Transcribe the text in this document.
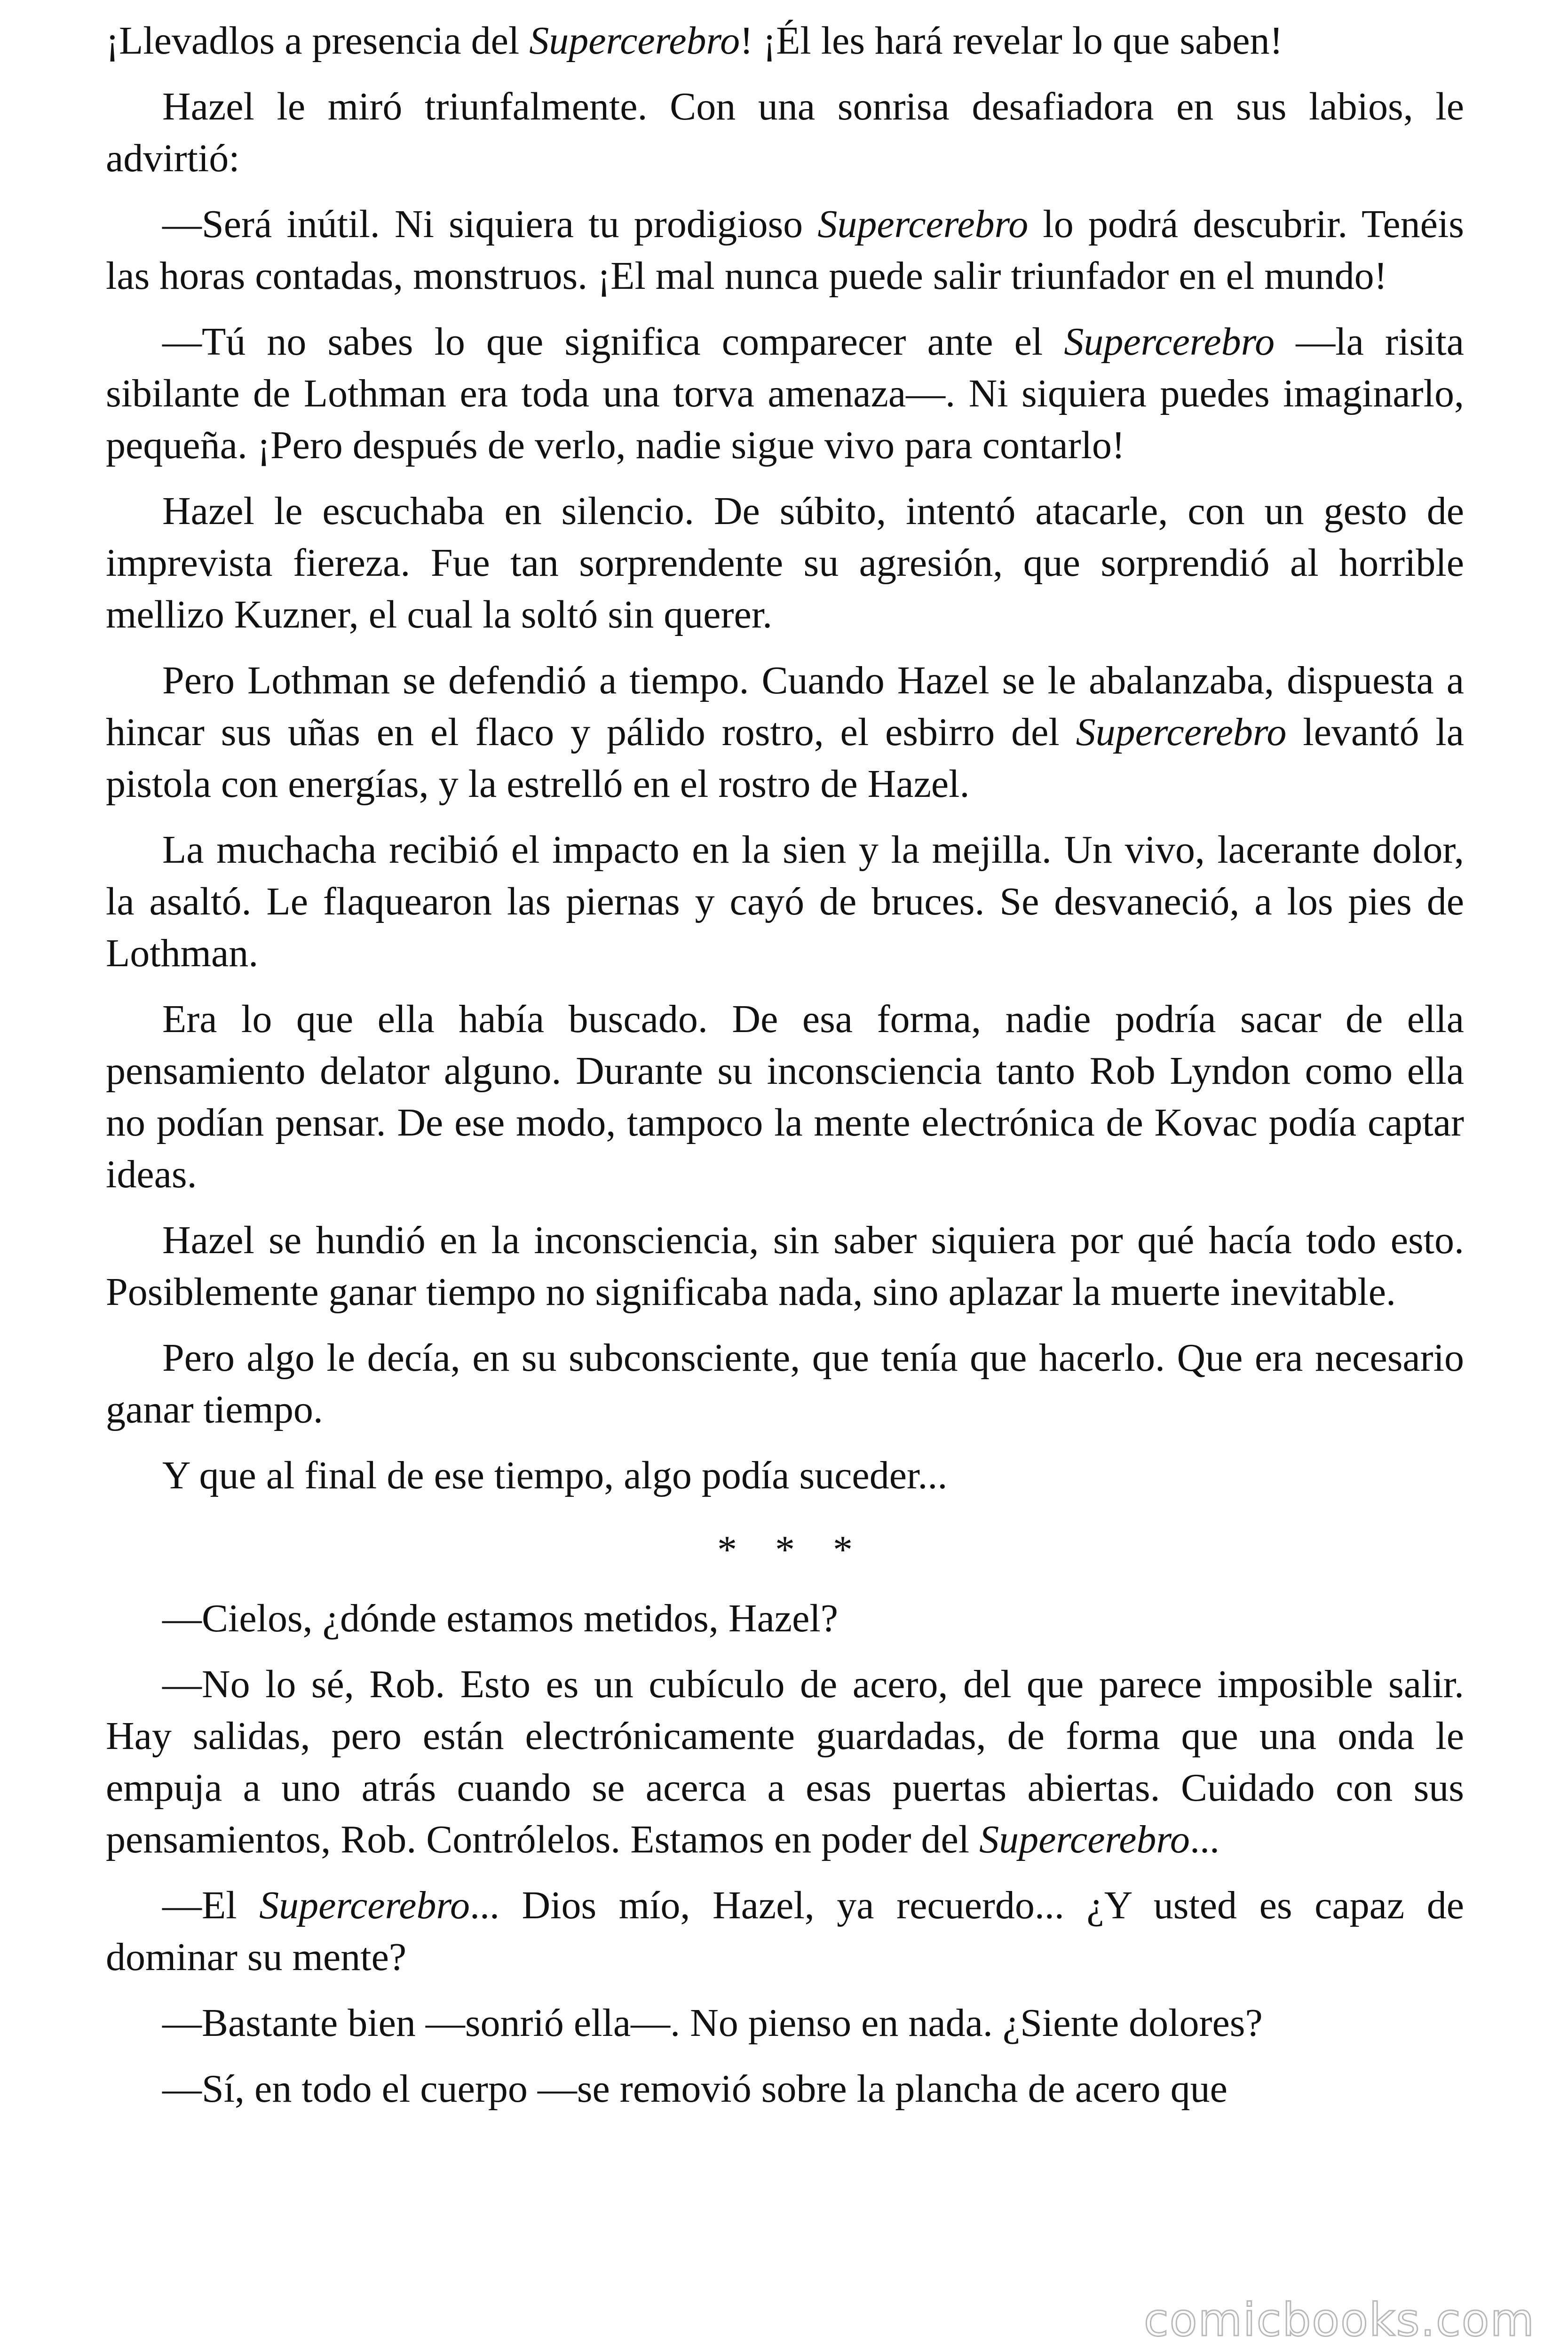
¡Llevadlos a presencia del Supercerebro! ¡Él les hará revelar lo que saben!

Hazel le miró triunfalmente. Con una sonrisa desafiadora en sus labios, le advirtió:

—Será inútil. Ni siquiera tu prodigioso Supercerebro lo podrá descubrir. Tenéis las horas contadas, monstruos. ¡El mal nunca puede salir triunfador en el mundo!

—Tú no sabes lo que significa comparecer ante el Supercerebro —la risita sibilante de Lothman era toda una torva amenaza—. Ni siquiera puedes imaginarlo, pequeña. ¡Pero después de verlo, nadie sigue vivo para contarlo!

Hazel le escuchaba en silencio. De súbito, intentó atacarle, con un gesto de imprevista fiereza. Fue tan sorprendente su agresión, que sorprendió al horrible mellizo Kuzner, el cual la soltó sin querer.

Pero Lothman se defendió a tiempo. Cuando Hazel se le abalanzaba, dispuesta a hincar sus uñas en el flaco y pálido rostro, el esbirro del Supercerebro levantó la pistola con energías, y la estrelló en el rostro de Hazel.

La muchacha recibió el impacto en la sien y la mejilla. Un vivo, lacerante dolor, la asaltó. Le flaquearon las piernas y cayó de bruces. Se desvaneció, a los pies de Lothman.

Era lo que ella había buscado. De esa forma, nadie podría sacar de ella pensamiento delator alguno. Durante su inconsciencia tanto Rob Lyndon como ella no podían pensar. De ese modo, tampoco la mente electrónica de Kovac podía captar ideas.

Hazel se hundió en la inconsciencia, sin saber siquiera por qué hacía todo esto. Posiblemente ganar tiempo no significaba nada, sino aplazar la muerte inevitable.

Pero algo le decía, en su subconsciente, que tenía que hacerlo. Que era necesario ganar tiempo.

Y que al final de ese tiempo, algo podía suceder...

* * *

—Cielos, ¿dónde estamos metidos, Hazel?

—No lo sé, Rob. Esto es un cubículo de acero, del que parece imposible salir. Hay salidas, pero están electrónicamente guardadas, de forma que una onda le empuja a uno atrás cuando se acerca a esas puertas abiertas. Cuidado con sus pensamientos, Rob. Contrólelos. Estamos en poder del Supercerebro...

—El Supercerebro... Dios mío, Hazel, ya recuerdo... ¿Y usted es capaz de dominar su mente?

—Bastante bien —sonrió ella—. No pienso en nada. ¿Siente dolores?

—Sí, en todo el cuerpo —se removió sobre la plancha de acero que

comicbooks.com
